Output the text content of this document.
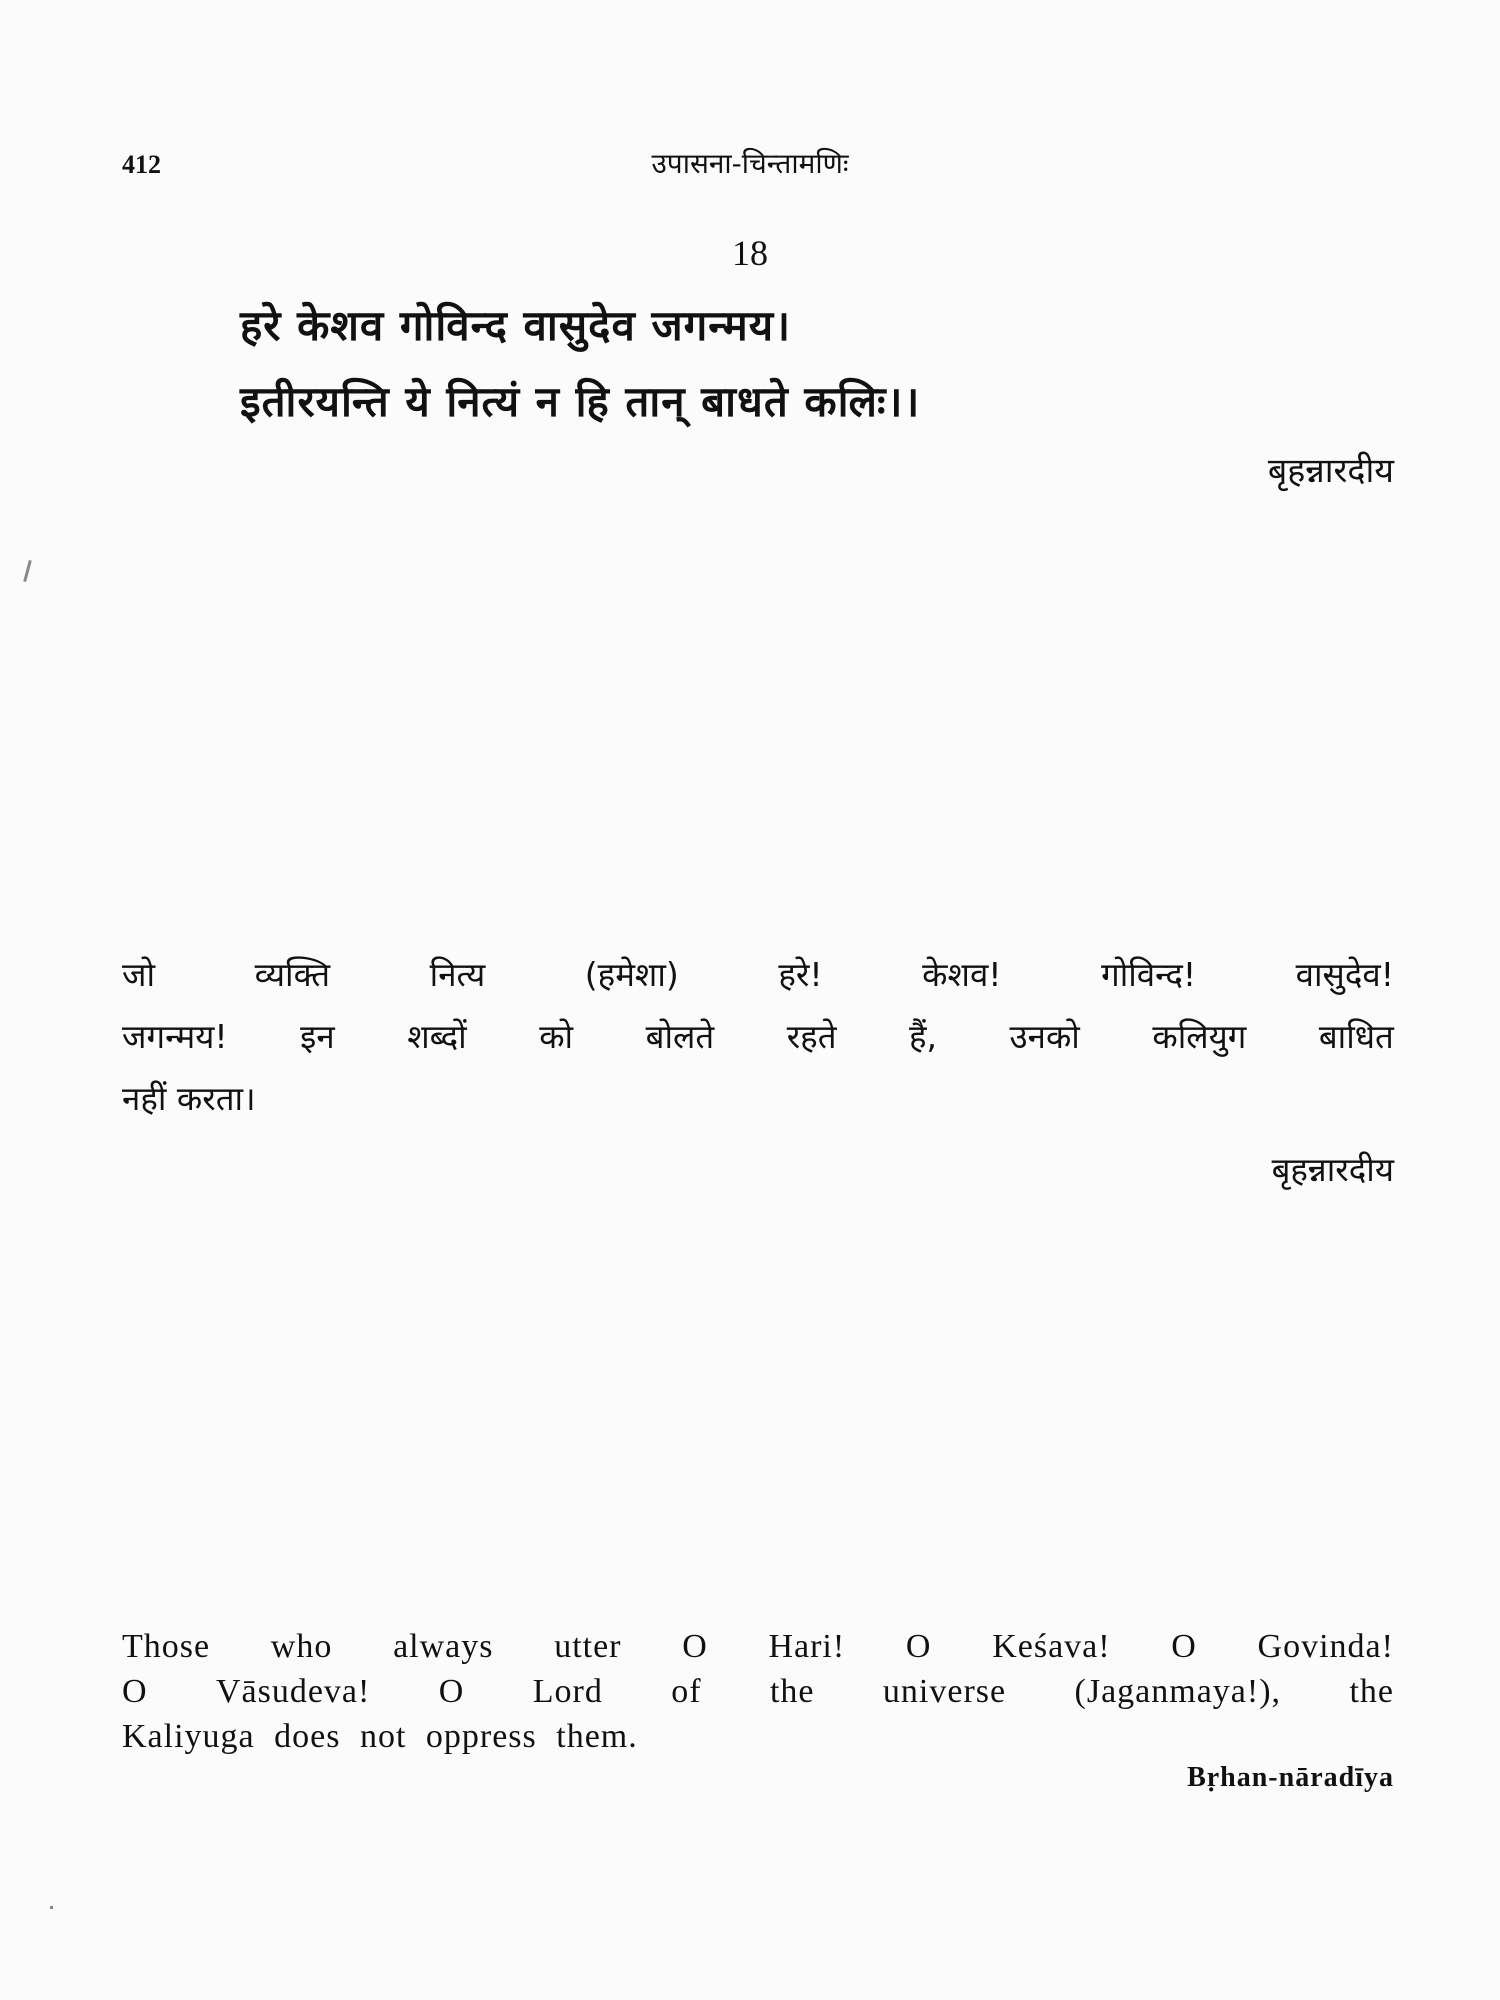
412	उपासना-चिन्तामणिः
18
हरे केशव गोविन्द वासुदेव जगन्मय।
इतीरयन्ति ये नित्यं न हि तान् बाधते कलिः।।
बृहन्नारदीय
जो	व्यक्ति	नित्य	(हमेशा)	हरे!	केशव!	गोविन्द!	वासुदेव!
जगन्मय! इन शब्दों को बोलते रहते हैं, उनको कलियुग बाधित
नहीं करता।
बृहन्नारदीय
Those who always utter O Hari! O Keśava! O Govinda!
O Vāsudeva! O Lord of the universe (Jaganmaya!), the
Kaliyuga does not oppress them.
Bṛhan-nāradīya
